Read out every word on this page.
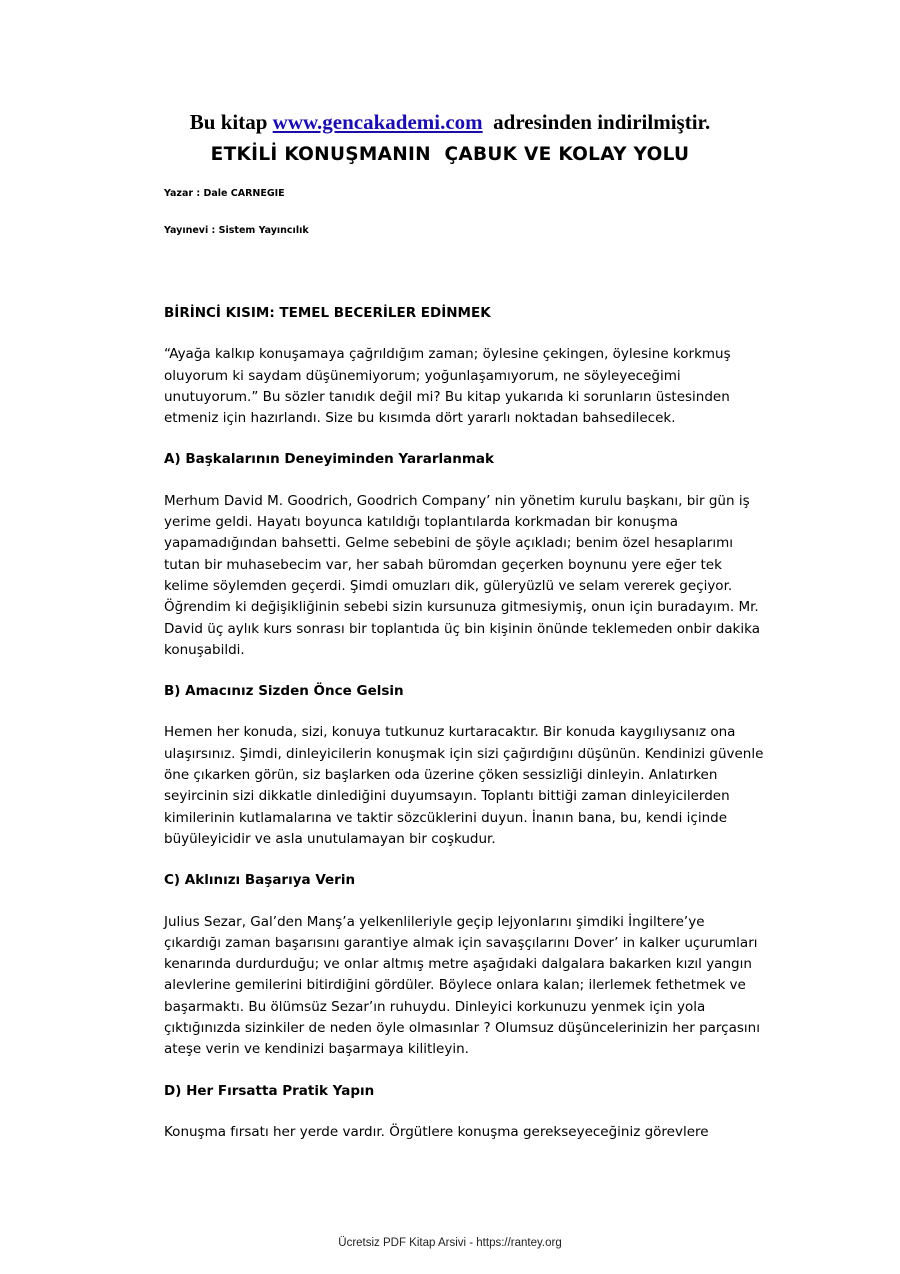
Bu kitap www.gencakademi.com adresinden indirilmiştir.
ETKİLİ KONUŞMANIN  ÇABUK VE KOLAY YOLU
Yazar : Dale CARNEGIE
Yayınevi : Sistem Yayıncılık
BİRİNCİ KISIM: TEMEL BECERİLER EDİNMEK

“Ayağa kalkıp konuşamaya çağrıldığım zaman; öylesine çekingen, öylesine korkmuş oluyorum ki saydam düşünemiyorum; yoğunlaşamıyorum, ne söyleyeceğimi unutuyorum.” Bu sözler tanıdık değil mi? Bu kitap yukarıda ki sorunların üstesinden etmeniz için hazırlandı. Size bu kısımda dört yararlı noktadan bahsedilecek.

A) Başkalarının Deneyiminden Yararlanmak

Merhum David M. Goodrich, Goodrich Company’ nin yönetim kurulu başkanı, bir gün iş yerime geldi. Hayatı boyunca katıldığı toplantılarda korkmadan bir konuşma yapamadığından bahsetti. Gelme sebebini de şöyle açıkladı; benim özel hesaplarımı tutan bir muhasebecim var, her sabah büromdan geçerken boynunu yere eğer tek kelime söylemden geçerdi. Şimdi omuzları dik, güleryüzlü ve selam vererek geçiyor. Öğrendim ki değişikliğinin sebebi sizin kursunuza gitmesiymiş, onun için buradayım. Mr. David üç aylık kurs sonrası bir toplantıda üç bin kişinin önünde teklemeden onbir dakika konuşabildi.

B) Amacınız Sizden Önce Gelsin

Hemen her konuda, sizi, konuya tutkunuz kurtaracaktır. Bir konuda kaygılıysanız ona ulaşırsınız. Şimdi, dinleyicilerin konuşmak için sizi çağırdığını düşünün. Kendinizi güvenle öne çıkarken görün, siz başlarken oda üzerine çöken sessizliği dinleyin. Anlatırken seyircinin sizi dikkatle dinlediğini duyumsayın. Toplantı bittiği zaman dinleyicilerden kimilerinin kutlamalarına ve taktir sözcüklerini duyun. İnanın bana, bu, kendi içinde büyüleyicidir ve asla unutulamayan bir coşkudur.

C) Aklınızı Başarıya Verin

Julius Sezar, Gal’den Manş’a yelkenlileriyle geçip lejyonlarını şimdiki İngiltere’ye çıkardığı zaman başarısını garantiye almak için savaşçılarını Dover’ in kalker uçurumları kenarında durdurduğu; ve onlar altmış metre aşağıdaki dalgalara bakarken kızıl yangın alevlerine gemilerini bitirdiğini gördüler. Böylece onlara kalan; ilerlemek fethetmek ve başarmaktı. Bu ölümsüz Sezar’ın ruhuydu. Dinleyici korkunuzu yenmek için yola çıktığınızda sizinkiler de neden öyle olmasınlar ? Olumsuz düşüncelerinizin her parçasını ateşe verin ve kendinizi başarmaya kilitleyin.

D) Her Fırsatta Pratik Yapın

Konuşma fırsatı her yerde vardır. Örgütlere konuşma gerekseyeceğiniz görevlere

Ücretsiz PDF Kitap Arsivi - https://rantey.org
